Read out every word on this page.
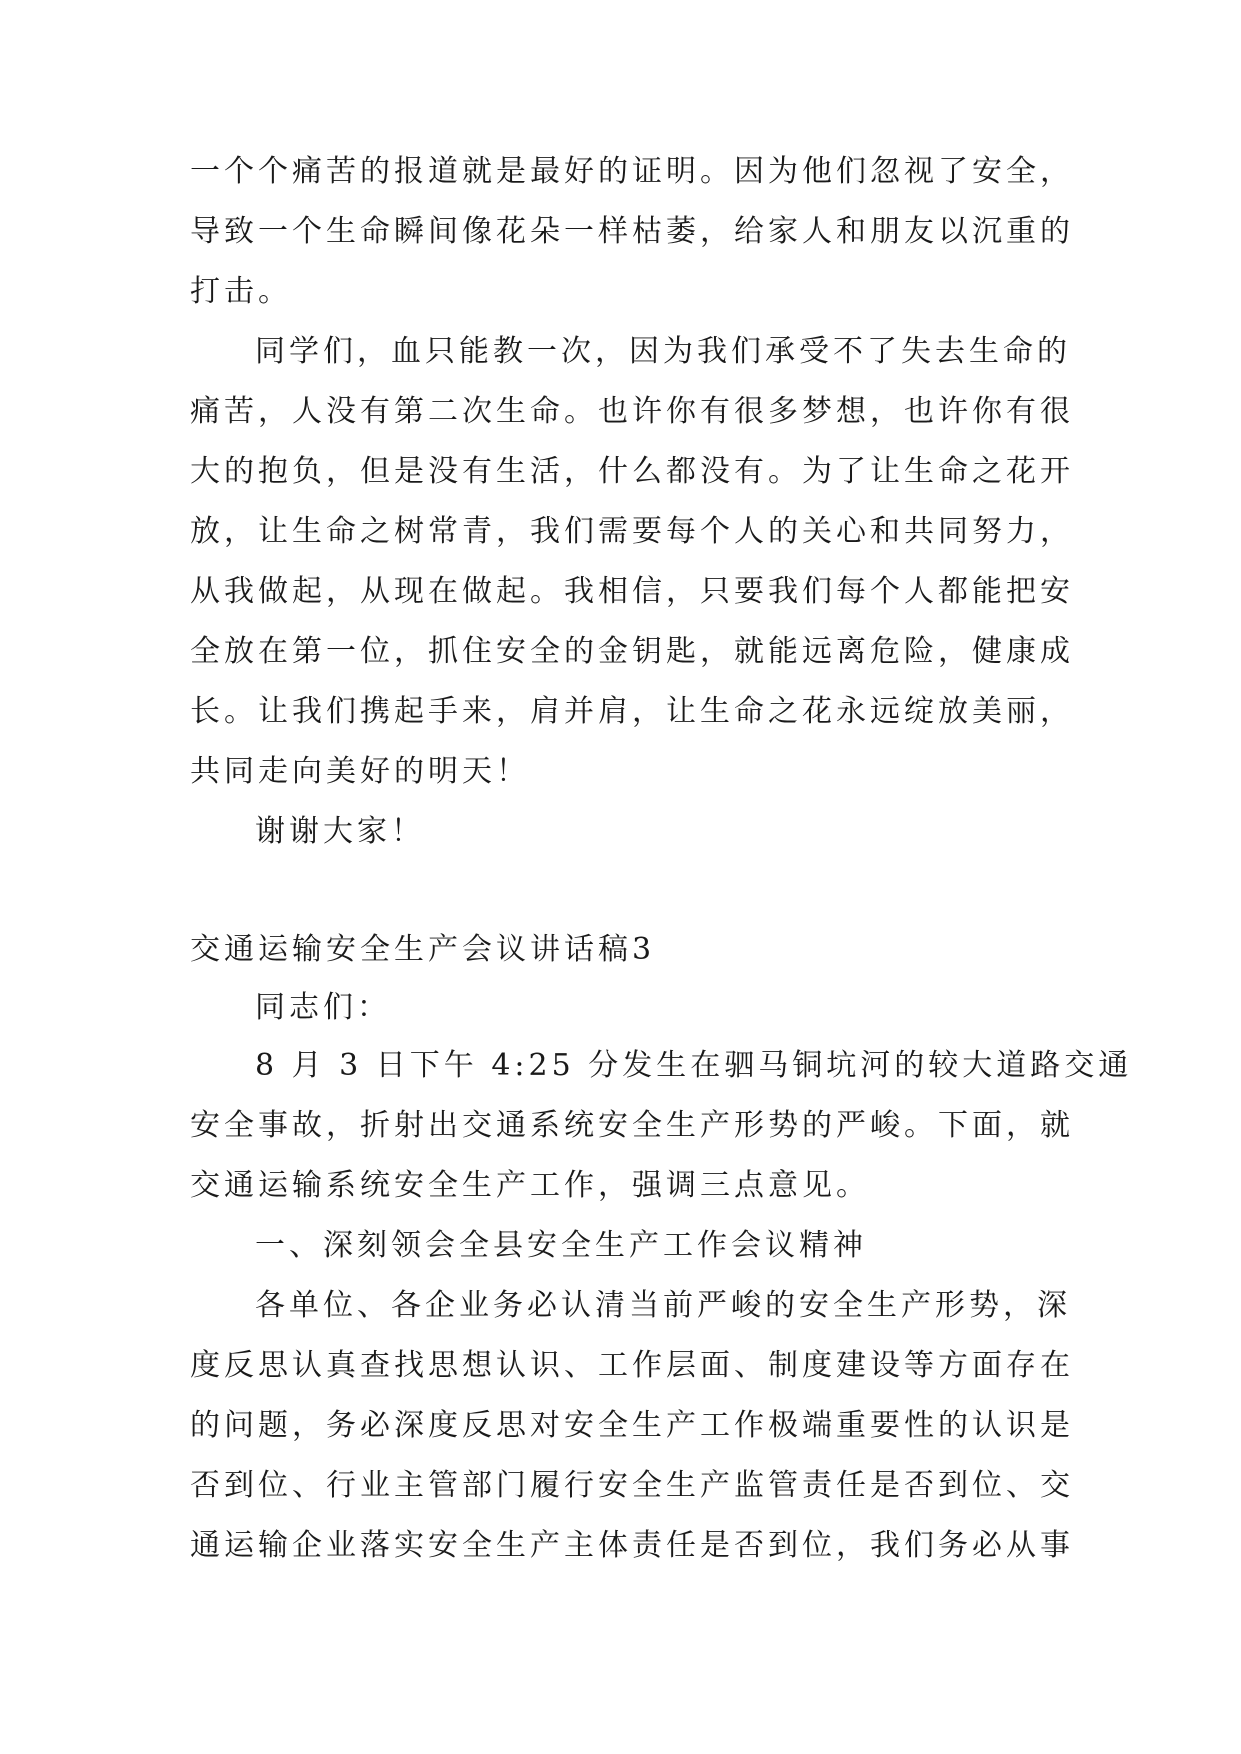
一个个痛苦的报道就是最好的证明。因为他们忽视了安全，
导致一个生命瞬间像花朵一样枯萎，给家人和朋友以沉重的
打击。
同学们，血只能教一次，因为我们承受不了失去生命的
痛苦，人没有第二次生命。也许你有很多梦想，也许你有很
大的抱负，但是没有生活，什么都没有。为了让生命之花开
放，让生命之树常青，我们需要每个人的关心和共同努力，
从我做起，从现在做起。我相信，只要我们每个人都能把安
全放在第一位，抓住安全的金钥匙，就能远离危险，健康成
长。让我们携起手来，肩并肩，让生命之花永远绽放美丽，
共同走向美好的明天！
谢谢大家！
交通运输安全生产会议讲话稿3
同志们：
8 月 3 日下午 4:25 分发生在驷马铜坑河的较大道路交通
安全事故，折射出交通系统安全生产形势的严峻。下面，就
交通运输系统安全生产工作，强调三点意见。
一、深刻领会全县安全生产工作会议精神
各单位、各企业务必认清当前严峻的安全生产形势，深
度反思认真查找思想认识、工作层面、制度建设等方面存在
的问题，务必深度反思对安全生产工作极端重要性的认识是
否到位、行业主管部门履行安全生产监管责任是否到位、交
通运输企业落实安全生产主体责任是否到位，我们务必从事
